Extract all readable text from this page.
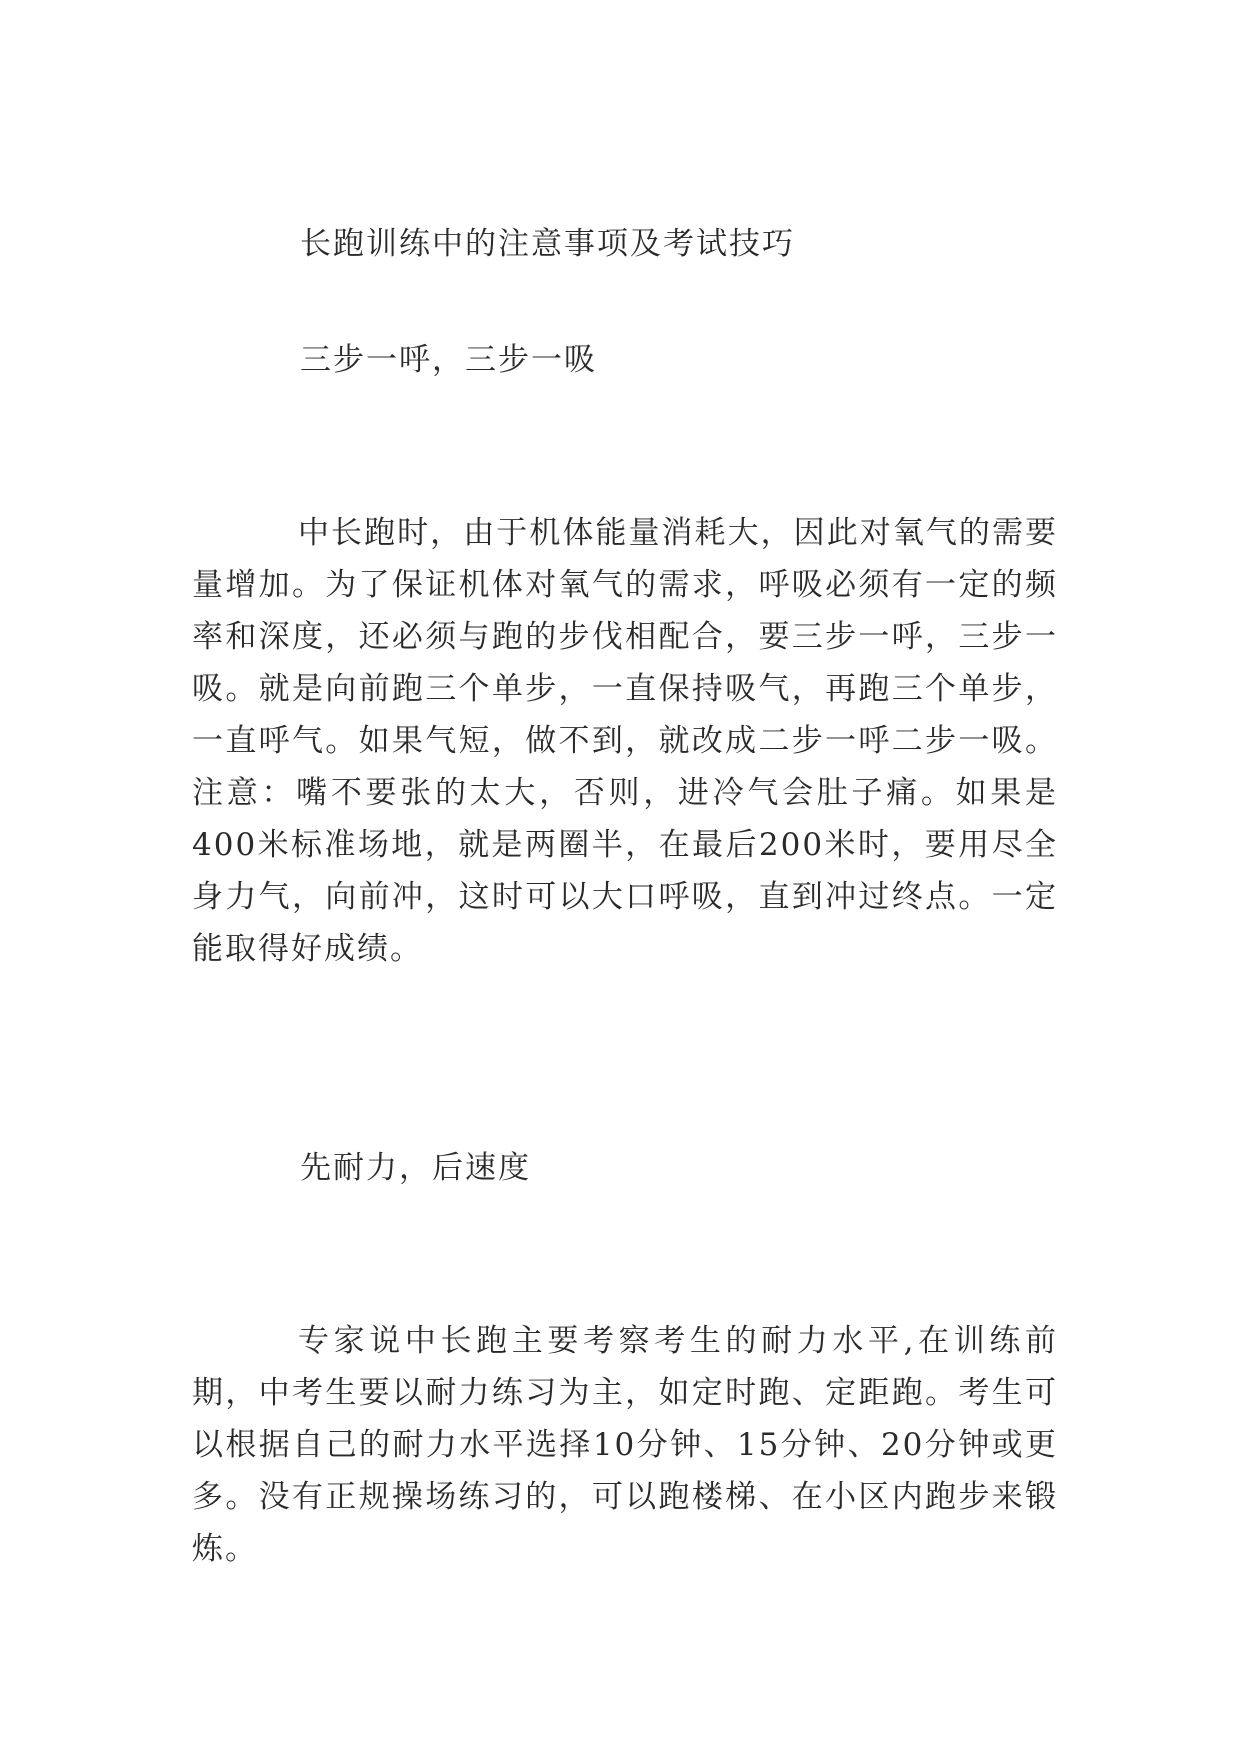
长跑训练中的注意事项及考试技巧
三步一呼，三步一吸

中长跑时，由于机体能量消耗大，因此对氧气的需要量增加。为了保证机体对氧气的需求，呼吸必须有一定的频率和深度，还必须与跑的步伐相配合，要三步一呼，三步一吸。就是向前跑三个单步，一直保持吸气，再跑三个单步，一直呼气。如果气短，做不到，就改成二步一呼二步一吸。注意：嘴不要张的太大，否则，进冷气会肚子痛。如果是400米标准场地，就是两圈半，在最后200米时，要用尽全身力气，向前冲，这时可以大口呼吸，直到冲过终点。一定能取得好成绩。

先耐力，后速度

专家说中长跑主要考察考生的耐力水平,在训练前期，中考生要以耐力练习为主，如定时跑、定距跑。考生可以根据自己的耐力水平选择10分钟、15分钟、20分钟或更多。没有正规操场练习的，可以跑楼梯、在小区内跑步来锻炼。
